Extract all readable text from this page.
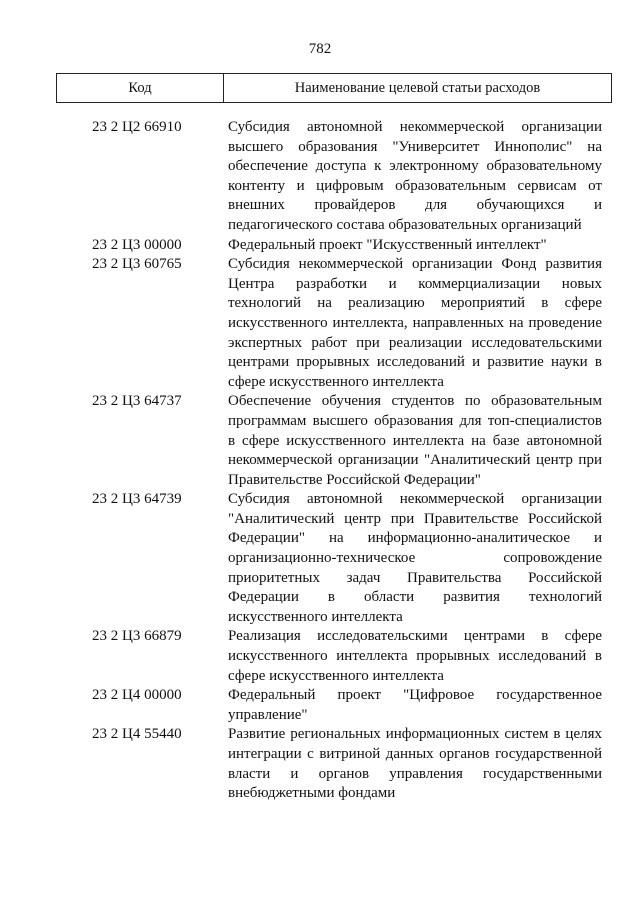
782
Код	Наименование целевой статьи расходов
23 2 Ц2 66910	Субсидия автономной некоммерческой организации высшего образования "Университет Иннополис" на обеспечение доступа к электронному образовательному контенту и цифровым образовательным сервисам от внешних провайдеров для обучающихся и педагогического состава образовательных организаций
23 2 Ц3 00000	Федеральный проект "Искусственный интеллект"
23 2 Ц3 60765	Субсидия некоммерческой организации Фонд развития Центра разработки и коммерциализации новых технологий на реализацию мероприятий в сфере искусственного интеллекта, направленных на проведение экспертных работ при реализации исследовательскими центрами прорывных исследований и развитие науки в сфере искусственного интеллекта
23 2 Ц3 64737	Обеспечение обучения студентов по образовательным программам высшего образования для топ-специалистов в сфере искусственного интеллекта на базе автономной некоммерческой организации "Аналитический центр при Правительстве Российской Федерации"
23 2 Ц3 64739	Субсидия автономной некоммерческой организации "Аналитический центр при Правительстве Российской Федерации" на информационно-аналитическое и организационно-техническое сопровождение приоритетных задач Правительства Российской Федерации в области развития технологий искусственного интеллекта
23 2 Ц3 66879	Реализация исследовательскими центрами в сфере искусственного интеллекта прорывных исследований в сфере искусственного интеллекта
23 2 Ц4 00000	Федеральный проект "Цифровое государственное управление"
23 2 Ц4 55440	Развитие региональных информационных систем в целях интеграции с витриной данных органов государственной власти и органов управления государственными внебюджетными фондами
